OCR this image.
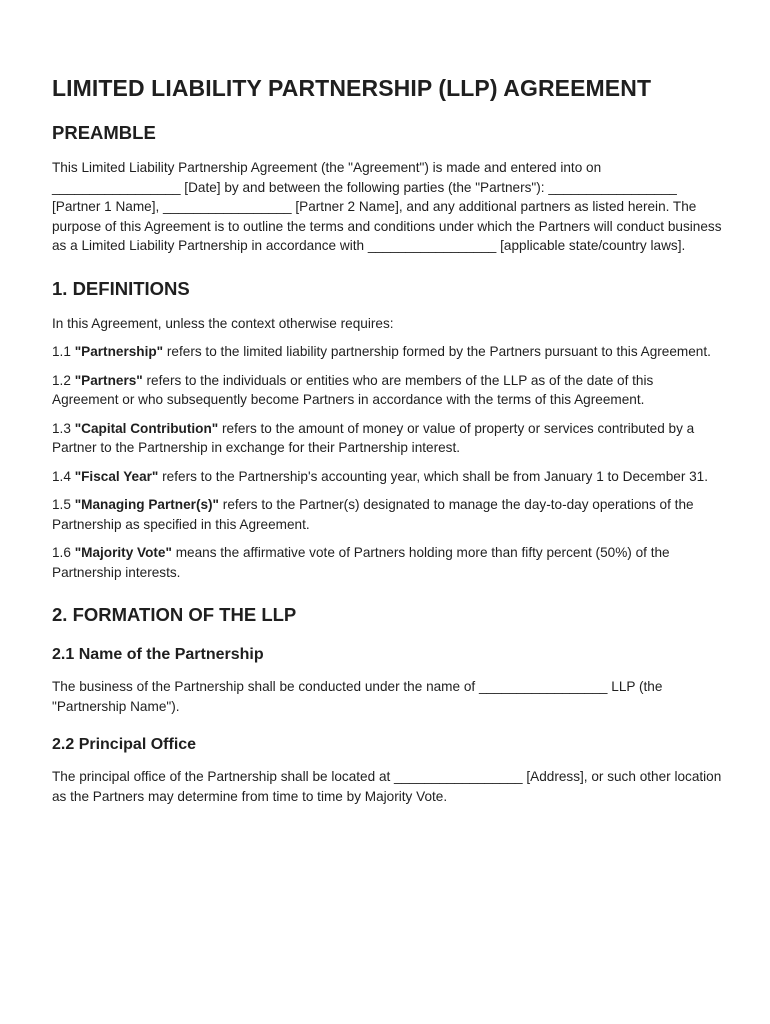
LIMITED LIABILITY PARTNERSHIP (LLP) AGREEMENT
PREAMBLE

This Limited Liability Partnership Agreement (the "Agreement") is made and entered into on _________________ [Date] by and between the following parties (the "Partners"): _________________ [Partner 1 Name], _________________ [Partner 2 Name], and any additional partners as listed herein. The purpose of this Agreement is to outline the terms and conditions under which the Partners will conduct business as a Limited Liability Partnership in accordance with _________________ [applicable state/country laws].

1. DEFINITIONS

In this Agreement, unless the context otherwise requires:

1.1 "Partnership" refers to the limited liability partnership formed by the Partners pursuant to this Agreement.

1.2 "Partners" refers to the individuals or entities who are members of the LLP as of the date of this Agreement or who subsequently become Partners in accordance with the terms of this Agreement.

1.3 "Capital Contribution" refers to the amount of money or value of property or services contributed by a Partner to the Partnership in exchange for their Partnership interest.

1.4 "Fiscal Year" refers to the Partnership's accounting year, which shall be from January 1 to December 31.

1.5 "Managing Partner(s)" refers to the Partner(s) designated to manage the day-to-day operations of the Partnership as specified in this Agreement.

1.6 "Majority Vote" means the affirmative vote of Partners holding more than fifty percent (50%) of the Partnership interests.

2. FORMATION OF THE LLP
2.1 Name of the Partnership

The business of the Partnership shall be conducted under the name of _________________ LLP (the "Partnership Name").

2.2 Principal Office

The principal office of the Partnership shall be located at _________________ [Address], or such other location as the Partners may determine from time to time by Majority Vote.
